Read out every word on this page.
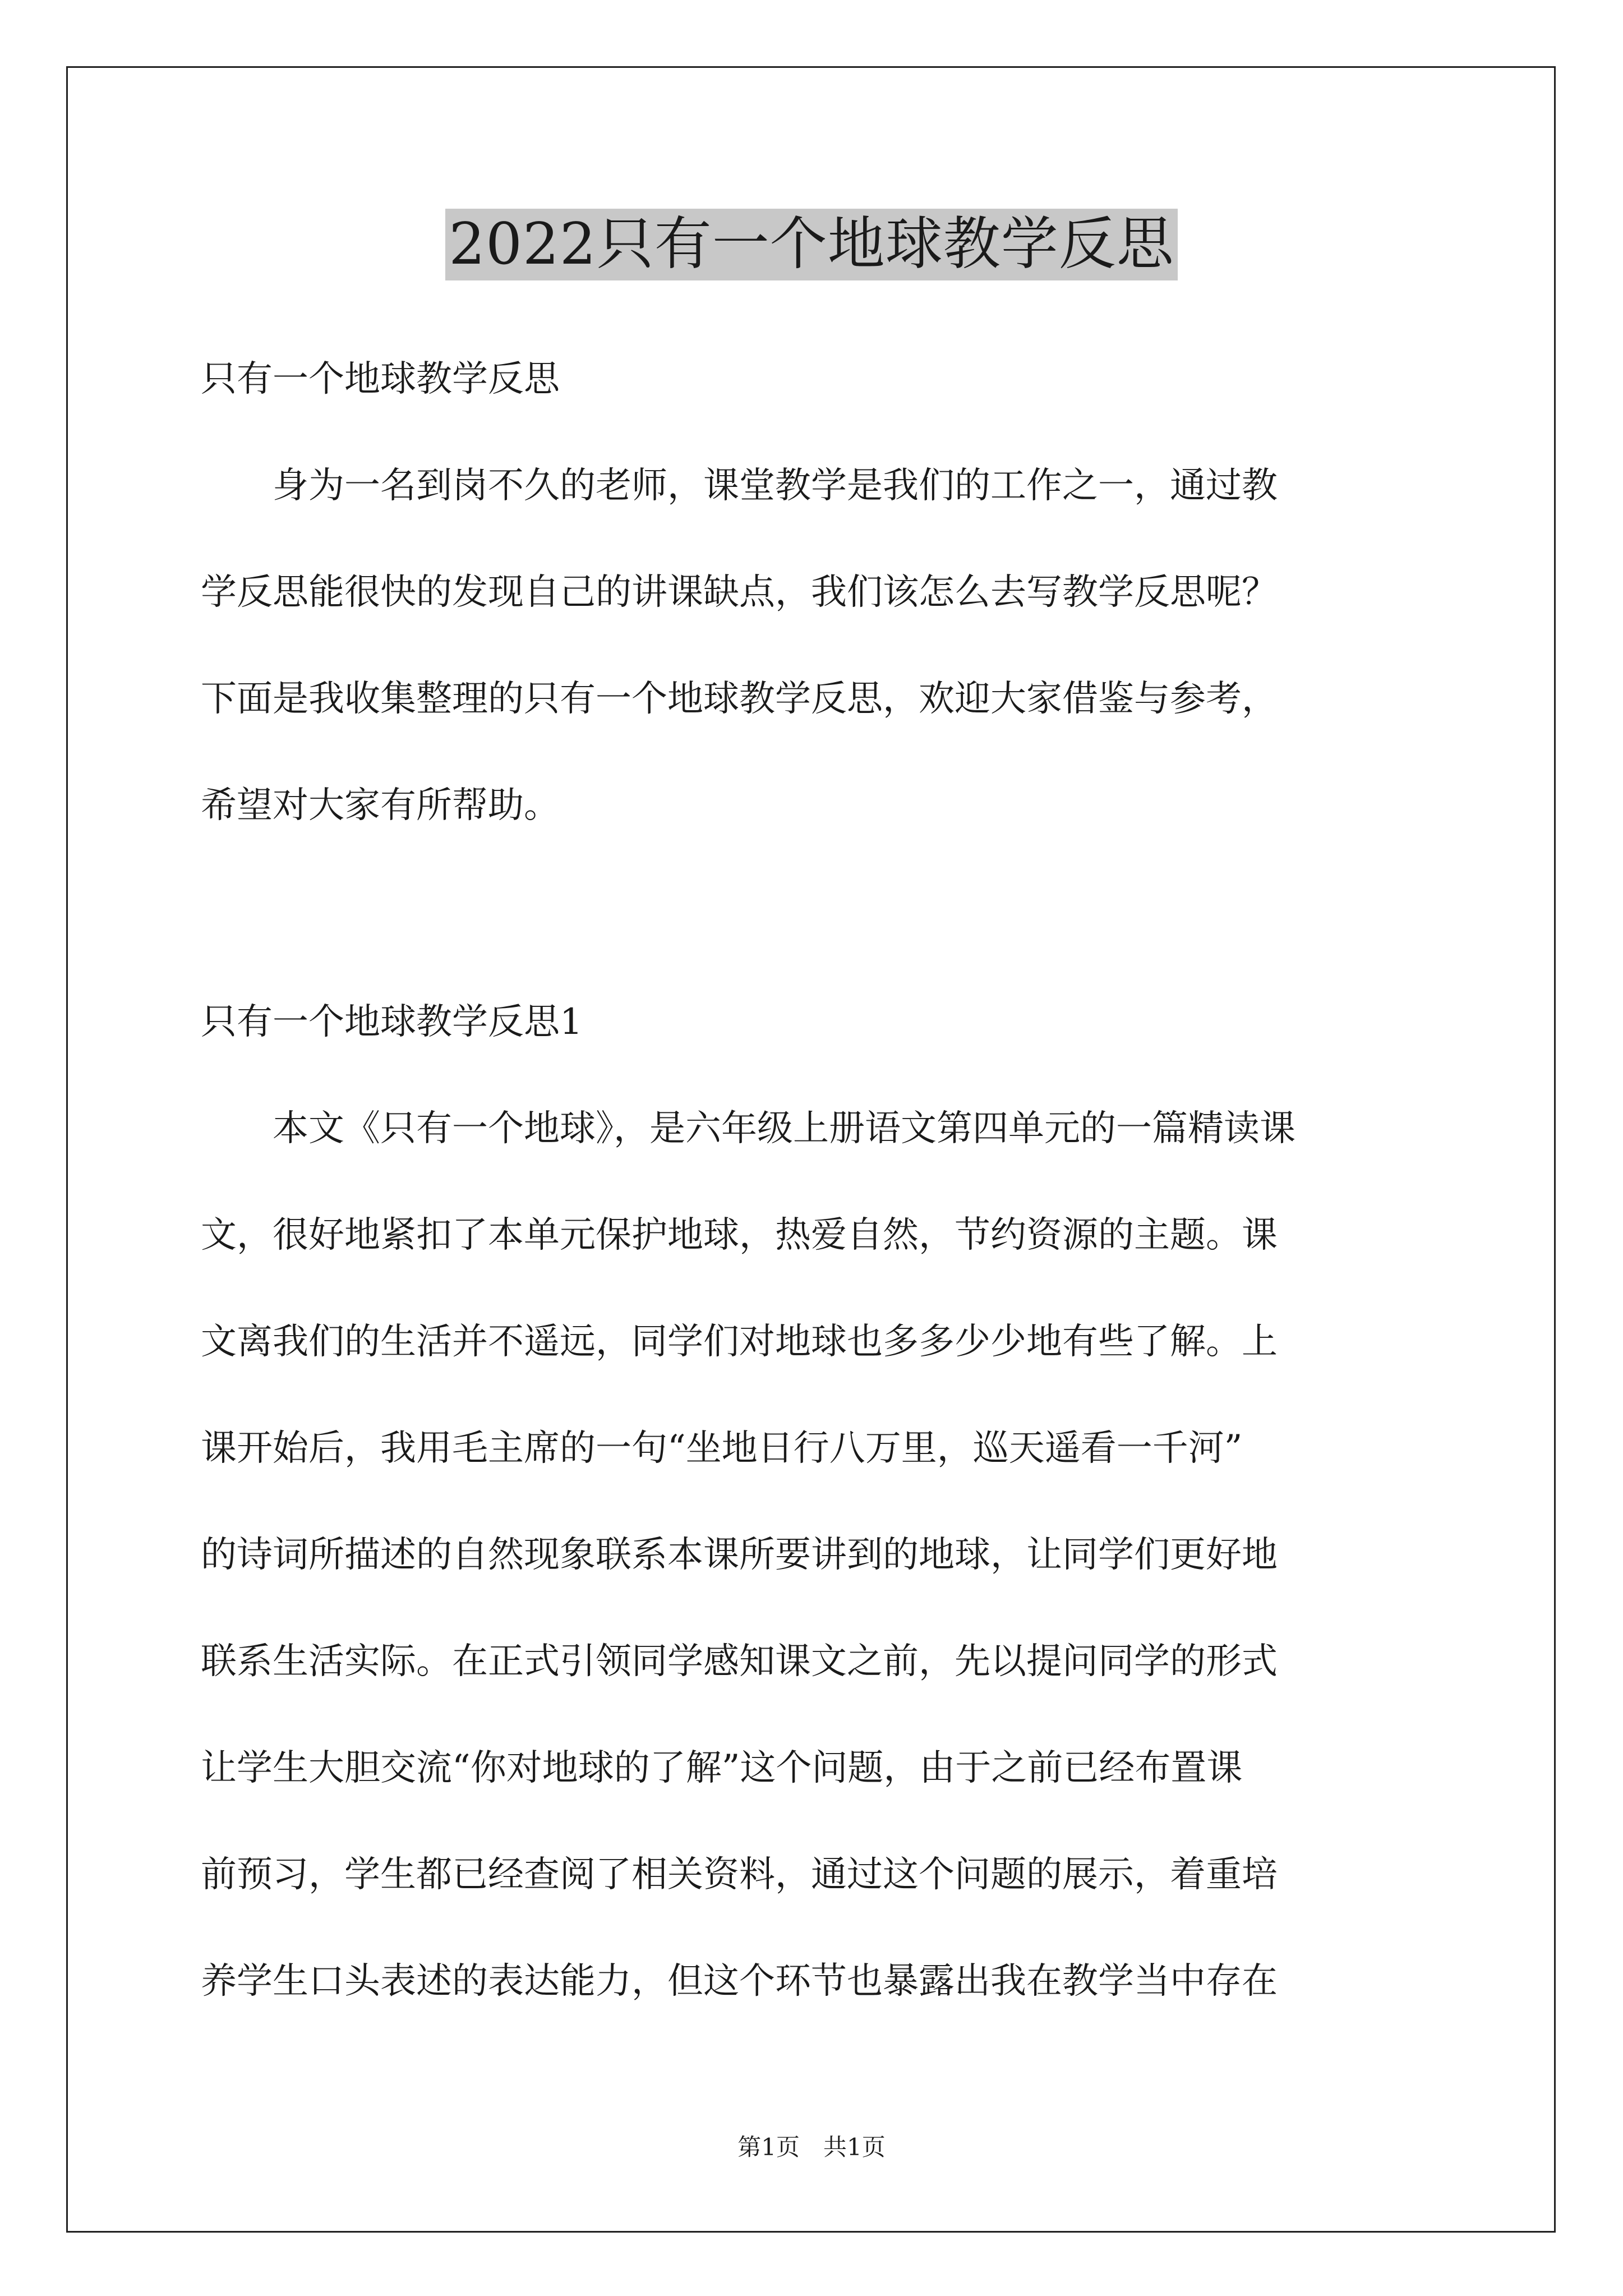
2022只有一个地球教学反思
只有一个地球教学反思
　　身为一名到岗不久的老师，课堂教学是我们的工作之一，通过教
学反思能很快的发现自己的讲课缺点，我们该怎么去写教学反思呢？
下面是我收集整理的只有一个地球教学反思，欢迎大家借鉴与参考，
希望对大家有所帮助。
只有一个地球教学反思1
　　本文《只有一个地球》，是六年级上册语文第四单元的一篇精读课
文，很好地紧扣了本单元保护地球，热爱自然，节约资源的主题。课
文离我们的生活并不遥远，同学们对地球也多多少少地有些了解。上
课开始后，我用毛主席的一句“坐地日行八万里，巡天遥看一千河”
的诗词所描述的自然现象联系本课所要讲到的地球，让同学们更好地
联系生活实际。在正式引领同学感知课文之前，先以提问同学的形式
让学生大胆交流“你对地球的了解”这个问题，由于之前已经布置课
前预习，学生都已经查阅了相关资料，通过这个问题的展示，着重培
养学生口头表述的表达能力，但这个环节也暴露出我在教学当中存在
第1页　共1页
